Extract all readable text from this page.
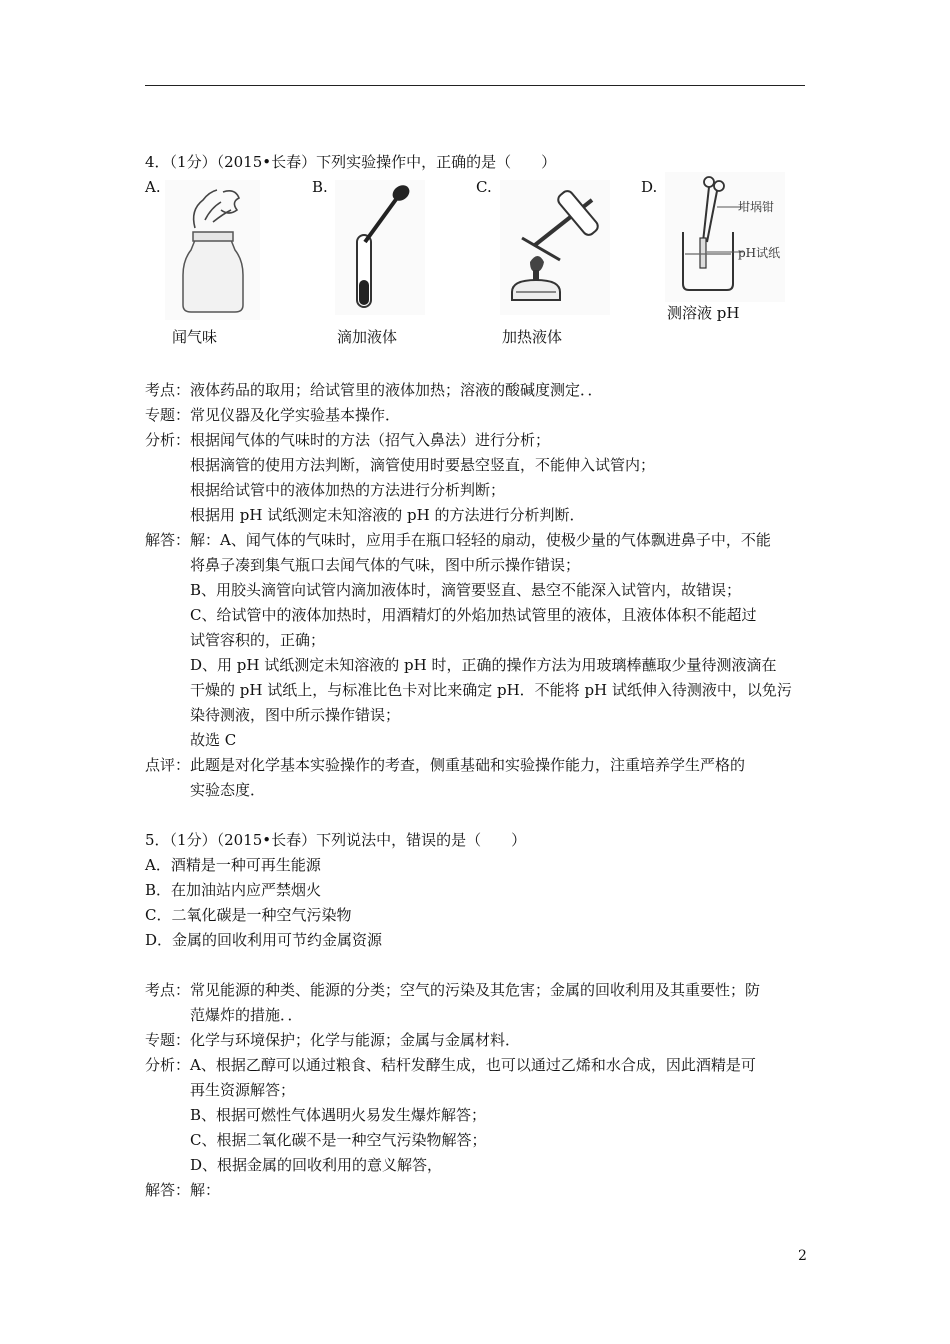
4．（1分）（2015•长春）下列实验操作中，正确的是（　　）
A.	B.	C.	D.
坩埚钳
pH试纸
闻气味	滴加液体	加热液体
测溶液 pH
考点：液体药品的取用；给试管里的液体加热；溶液的酸碱度测定．．
专题：常见仪器及化学实验基本操作．
分析：根据闻气体的气味时的方法（招气入鼻法）进行分析；
根据滴管的使用方法判断，滴管使用时要悬空竖直，不能伸入试管内；
根据给试管中的液体加热的方法进行分析判断；
根据用 pH 试纸测定未知溶液的 pH 的方法进行分析判断．
解答：解：A、闻气体的气味时，应用手在瓶口轻轻的扇动，使极少量的气体飘进鼻子中，不能
将鼻子凑到集气瓶口去闻气体的气味，图中所示操作错误；
B、用胶头滴管向试管内滴加液体时，滴管要竖直、悬空不能深入试管内，故错误；
C、给试管中的液体加热时，用酒精灯的外焰加热试管里的液体，且液体体积不能超过
试管容积的，正确；
D、用 pH 试纸测定未知溶液的 pH 时，正确的操作方法为用玻璃棒蘸取少量待测液滴在
干燥的 pH 试纸上，与标准比色卡对比来确定 pH．不能将 pH 试纸伸入待测液中，以免污
染待测液，图中所示操作错误；
故选 C
点评：此题是对化学基本实验操作的考查，侧重基础和实验操作能力，注重培养学生严格的
实验态度．
5．（1分）（2015•长春）下列说法中，错误的是（　　）
A．酒精是一种可再生能源
B．在加油站内应严禁烟火
C．二氧化碳是一种空气污染物
D．金属的回收利用可节约金属资源
考点：常见能源的种类、能源的分类；空气的污染及其危害；金属的回收利用及其重要性；防
范爆炸的措施．．
专题：化学与环境保护；化学与能源；金属与金属材料．
分析：A、根据乙醇可以通过粮食、秸杆发酵生成，也可以通过乙烯和水合成，因此酒精是可
再生资源解答；
B、根据可燃性气体遇明火易发生爆炸解答；
C、根据二氧化碳不是一种空气污染物解答；
D、根据金属的回收利用的意义解答，
解答：解：
2
